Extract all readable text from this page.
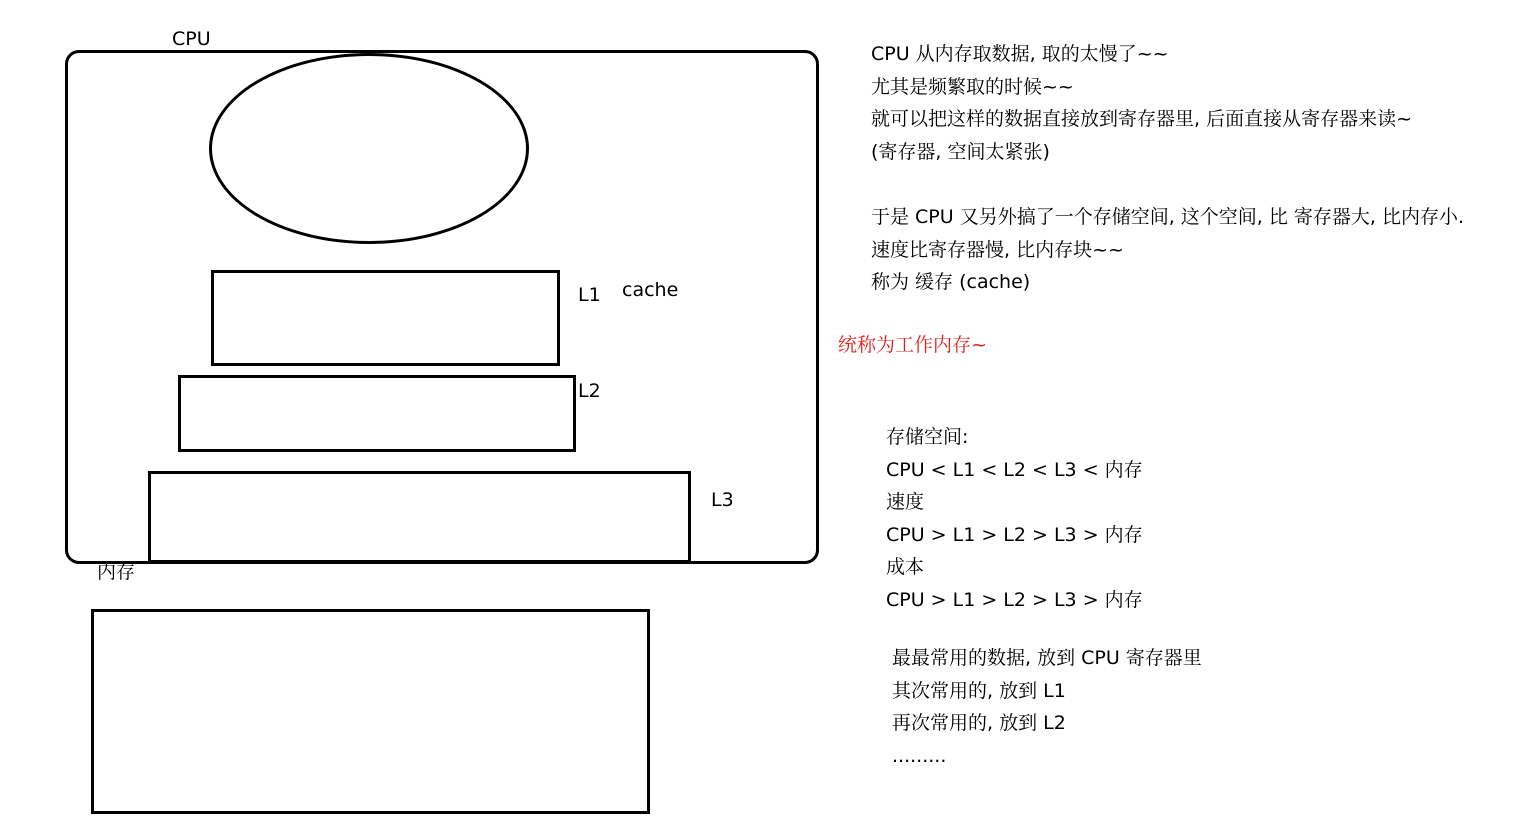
CPU
L1 cache
L2
L3
内存
CPU 从内存取数据, 取的太慢了~~
尤其是频繁取的时候~~
就可以把这样的数据直接放到寄存器里, 后面直接从寄存器来读~
(寄存器, 空间太紧张)
于是 CPU 又另外搞了一个存储空间, 这个空间, 比 寄存器大, 比内存小.
速度比寄存器慢, 比内存块~~
称为 缓存 (cache)
统称为工作内存~
存储空间:
CPU < L1 < L2 < L3 < 内存
速度
CPU > L1 > L2 > L3 > 内存
成本
CPU > L1 > L2 > L3 > 内存
最最常用的数据, 放到 CPU 寄存器里
其次常用的, 放到 L1
再次常用的, 放到 L2
.........
